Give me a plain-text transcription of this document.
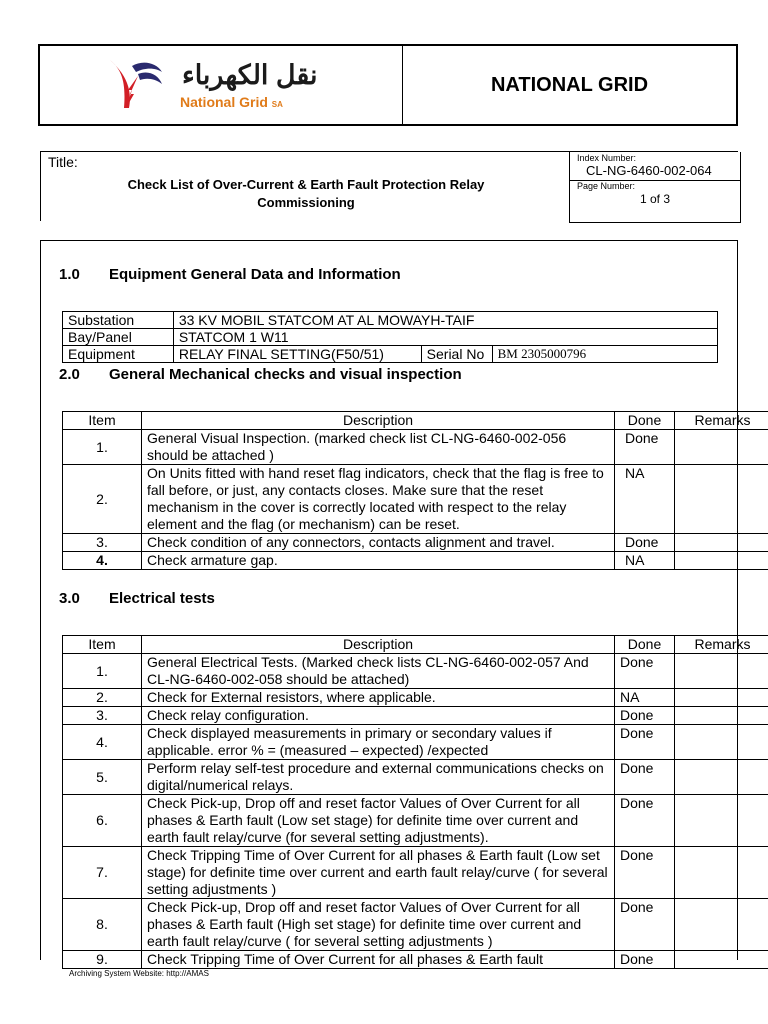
نقل الكهرباء
National Grid SA
NATIONAL GRID
Title:
Check List of Over-Current & Earth Fault Protection Relay
Commissioning
Index Number:
CL-NG-6460-002-064
Page Number:
1 of 3
1.0 Equipment General Data and Information
Substation	33 KV MOBIL STATCOM AT AL MOWAYH-TAIF		
Bay/Panel	STATCOM 1 W11		
Equipment	RELAY FINAL SETTING(F50/51)	Serial No	BM 2305000796
2.0 General Mechanical checks and visual inspection
Item	Description	Done	Remarks
1.	General Visual Inspection. (marked check list CL-NG-6460-002-056 should be attached )	Done	
2.	On Units fitted with hand reset flag indicators, check that the flag is free to fall before, or just, any contacts closes. Make sure that the reset mechanism in the cover is correctly located with respect to the relay element and the flag (or mechanism) can be reset.	NA	
3.	Check condition of any connectors, contacts alignment and travel.	Done	
4.	Check armature gap.	NA	
3.0 Electrical tests
Item	Description	Done	Remarks
1.	General Electrical Tests. (Marked check lists CL-NG-6460-002-057 And CL-NG-6460-002-058 should be attached)	Done	
2.	Check for External resistors, where applicable.	NA	
3.	Check relay configuration.	Done	
4.	Check displayed measurements in primary or secondary values if applicable. error % = (measured – expected) /expected	Done	
5.	Perform relay self-test procedure and external communications checks on digital/numerical relays.	Done	
6.	Check Pick-up, Drop off and reset factor Values of Over Current for all phases & Earth fault (Low set stage) for definite time over current and earth fault relay/curve (for several setting adjustments).	Done	
7.	Check Tripping Time of Over Current for all phases & Earth fault (Low set stage) for definite time over current and earth fault relay/curve ( for several setting adjustments )	Done	
8.	Check Pick-up, Drop off and reset factor Values of Over Current for all phases & Earth fault (High set stage) for definite time over current and earth fault relay/curve ( for several setting adjustments )	Done	
9.	Check Tripping Time of Over Current for all phases & Earth fault	Done	
Archiving System Website: http://AMAS
